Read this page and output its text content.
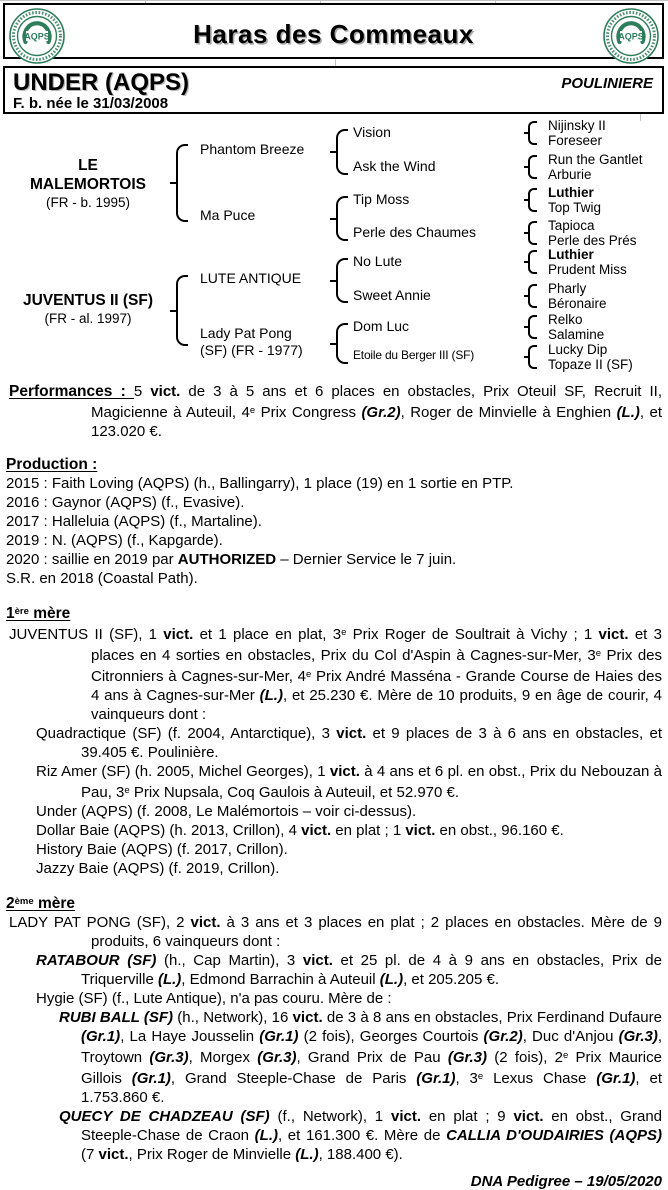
Haras des Commeaux
AQPS	AQPS
UNDER (AQPS)
F. b. née le 31/03/2008
POULINIERE
LE
MALEMORTOIS
(FR - b. 1995)
JUVENTUS II (SF)
(FR - al. 1997)
Phantom Breeze
Ma Puce
LUTE ANTIQUE
Lady Pat Pong
(SF) (FR - 1977)
Vision
Ask the Wind
Tip Moss
Perle des Chaumes
No Lute
Sweet Annie
Dom Luc
Etoile du Berger III (SF)
Nijinsky II
Foreseer
Run the Gantlet
Arburie
Luthier
Top Twig
Tapioca
Perle des Prés
Luthier
Prudent Miss
Pharly
Béronaire
Relko
Salamine
Lucky Dip
Topaze II (SF)
Performances : 5 vict. de 3 à 5 ans et 6 places en obstacles, Prix Oteuil SF, Recruit II, Magicienne à Auteuil, 4e Prix Congress (Gr.2), Roger de Minvielle à Enghien (L.), et 123.020 €.
Production :
2015 : Faith Loving (AQPS) (h., Ballingarry), 1 place (19) en 1 sortie en PTP.
2016 : Gaynor (AQPS) (f., Evasive).
2017 : Halleluia (AQPS) (f., Martaline).
2019 : N. (AQPS) (f., Kapgarde).
2020 : saillie en 2019 par AUTHORIZED – Dernier Service le 7 juin.
S.R. en 2018 (Coastal Path).
1ère mère
JUVENTUS II (SF), 1 vict. et 1 place en plat, 3e Prix Roger de Soultrait à Vichy ; 1 vict. et 3 places en 4 sorties en obstacles, Prix du Col d'Aspin à Cagnes-sur-Mer, 3e Prix des Citronniers à Cagnes-sur-Mer, 4e Prix André Masséna - Grande Course de Haies des 4 ans à Cagnes-sur-Mer (L.), et 25.230 €. Mère de 10 produits, 9 en âge de courir, 4 vainqueurs dont :
Quadractique (SF) (f. 2004, Antarctique), 3 vict. et 9 places de 3 à 6 ans en obstacles, et 39.405 €. Poulinière.
Riz Amer (SF) (h. 2005, Michel Georges), 1 vict. à 4 ans et 6 pl. en obst., Prix du Nebouzan à Pau, 3e Prix Nupsala, Coq Gaulois à Auteuil, et 52.970 €.
Under (AQPS) (f. 2008, Le Malémortois – voir ci-dessus).
Dollar Baie (AQPS) (h. 2013, Crillon), 4 vict. en plat ; 1 vict. en obst., 96.160 €.
History Baie (AQPS) (f. 2017, Crillon).
Jazzy Baie (AQPS) (f. 2019, Crillon).
2ème mère
LADY PAT PONG (SF), 2 vict. à 3 ans et 3 places en plat ; 2 places en obstacles. Mère de 9 produits, 6 vainqueurs dont :
RATABOUR (SF) (h., Cap Martin), 3 vict. et 25 pl. de 4 à 9 ans en obstacles, Prix de Triquerville (L.), Edmond Barrachin à Auteuil (L.), et 205.205 €.
Hygie (SF) (f., Lute Antique), n'a pas couru. Mère de :
RUBI BALL (SF) (h., Network), 16 vict. de 3 à 8 ans en obstacles, Prix Ferdinand Dufaure (Gr.1), La Haye Jousselin (Gr.1) (2 fois), Georges Courtois (Gr.2), Duc d'Anjou (Gr.3), Troytown (Gr.3), Morgex (Gr.3), Grand Prix de Pau (Gr.3) (2 fois), 2e Prix Maurice Gillois (Gr.1), Grand Steeple-Chase de Paris (Gr.1), 3e Lexus Chase (Gr.1), et 1.753.860 €.
QUECY DE CHADZEAU (SF) (f., Network), 1 vict. en plat ; 9 vict. en obst., Grand Steeple-Chase de Craon (L.), et 161.300 €. Mère de CALLIA D'OUDAIRIES (AQPS) (7 vict., Prix Roger de Minvielle (L.), 188.400 €).
DNA Pedigree – 19/05/2020
